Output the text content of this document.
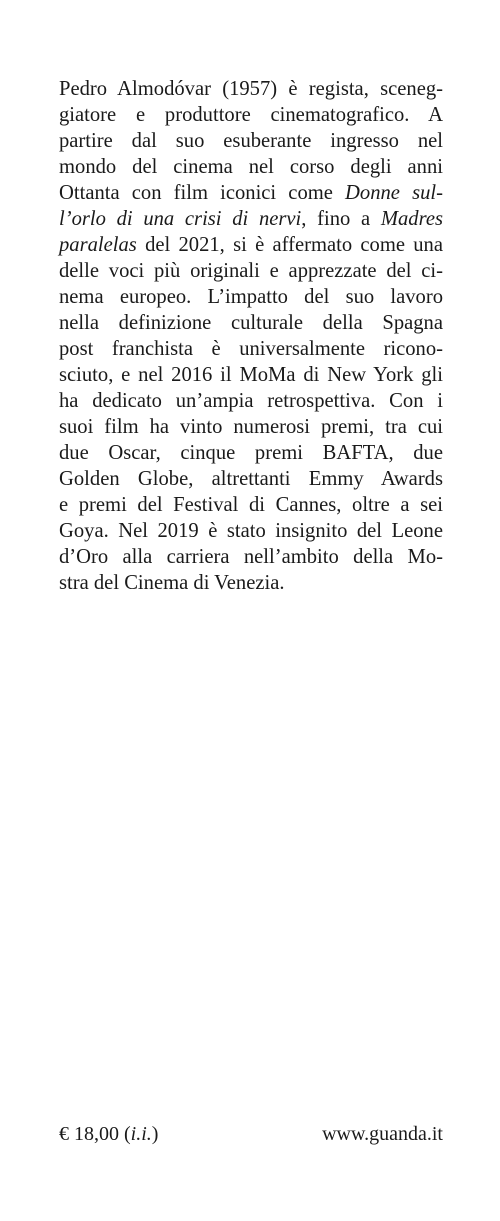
Pedro Almodóvar (1957) è regista, sceneg-
giatore e produttore cinematografico. A
partire dal suo esuberante ingresso nel
mondo del cinema nel corso degli anni
Ottanta con film iconici come Donne sul-
l’orlo di una crisi di nervi, fino a Madres
paralelas del 2021, si è affermato come una
delle voci più originali e apprezzate del ci-
nema europeo. L’impatto del suo lavoro
nella definizione culturale della Spagna
post franchista è universalmente ricono-
sciuto, e nel 2016 il MoMa di New York gli
ha dedicato un’ampia retrospettiva. Con i
suoi film ha vinto numerosi premi, tra cui
due Oscar, cinque premi BAFTA, due
Golden Globe, altrettanti Emmy Awards
e premi del Festival di Cannes, oltre a sei
Goya. Nel 2019 è stato insignito del Leone
d’Oro alla carriera nell’ambito della Mo-
stra del Cinema di Venezia.

€ 18,00 (i.i.)	www.guanda.it
